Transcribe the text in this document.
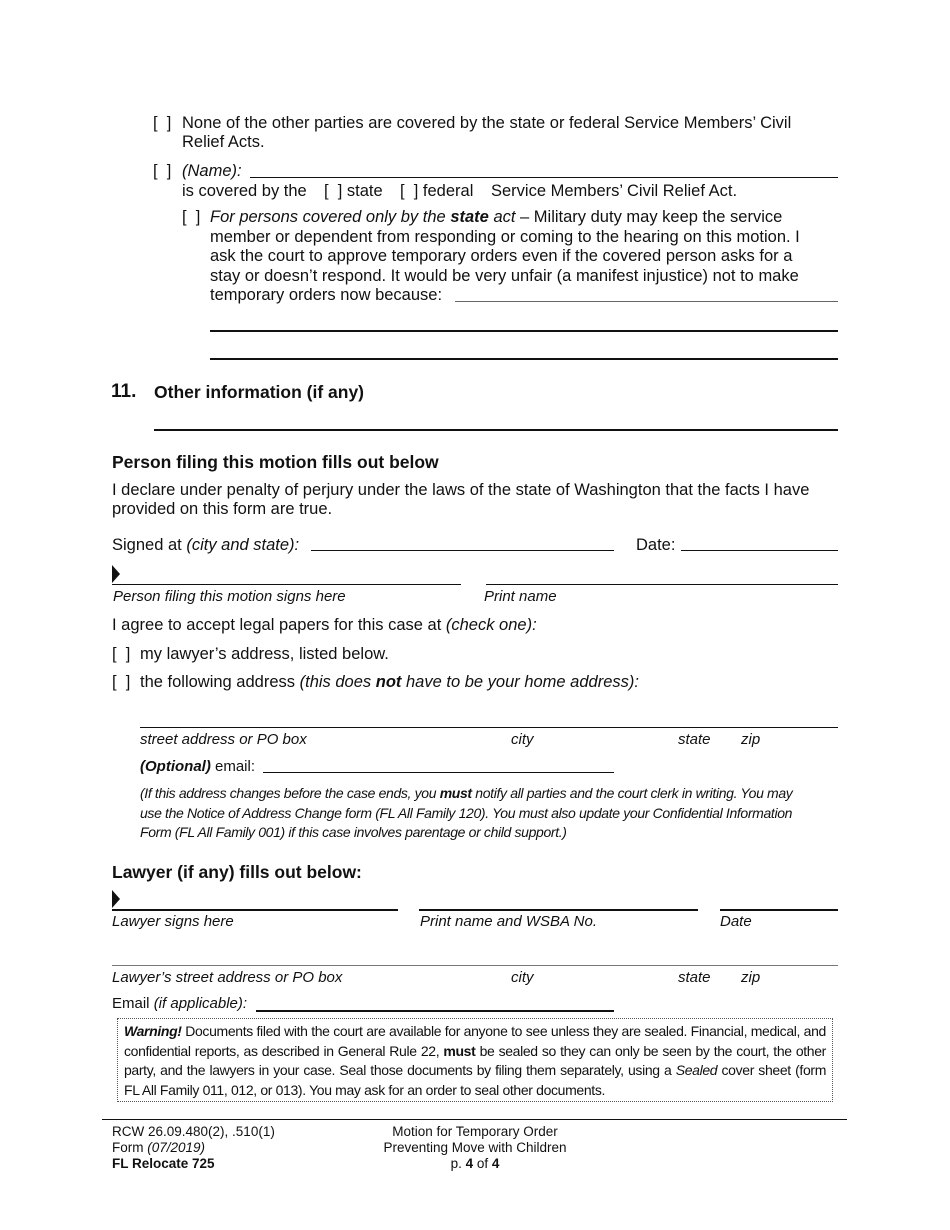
[  ] None of the other parties are covered by the state or federal Service Members’ Civil
Relief Acts.
[  ] (Name):
is covered by the [  ] state [  ] federal Service Members’ Civil Relief Act.
[  ] For persons covered only by the state act – Military duty may keep the service
member or dependent from responding or coming to the hearing on this motion. I
ask the court to approve temporary orders even if the covered person asks for a
stay or doesn’t respond. It would be very unfair (a manifest injustice) not to make
temporary orders now because:
11. Other information (if any)
Person filing this motion fills out below
I declare under penalty of perjury under the laws of the state of Washington that the facts I have
provided on this form are true.
Signed at (city and state):	Date:
Person filing this motion signs here	Print name
I agree to accept legal papers for this case at (check one):
[  ] my lawyer’s address, listed below.
[  ] the following address (this does not have to be your home address):
street address or PO box	city	state zip
(Optional) email:
(If this address changes before the case ends, you must notify all parties and the court clerk in writing. You may
use the Notice of Address Change form (FL All Family 120). You must also update your Confidential Information
Form (FL All Family 001) if this case involves parentage or child support.)
Lawyer (if any) fills out below:
Lawyer signs here	Print name and WSBA No.	Date
Lawyer’s street address or PO box	city	state zip
Email (if applicable):
Warning! Documents filed with the court are available for anyone to see unless they are sealed. Financial, medical, and confidential reports, as described in General Rule 22, must be sealed so they can only be seen by the court, the other party, and the lawyers in your case. Seal those documents by filing them separately, using a Sealed cover sheet (form FL All Family 011, 012, or 013). You may ask for an order to seal other documents.
RCW 26.09.480(2), .510(1)
Form (07/2019)
FL Relocate 725
Motion for Temporary Order
Preventing Move with Children
p. 4 of 4
